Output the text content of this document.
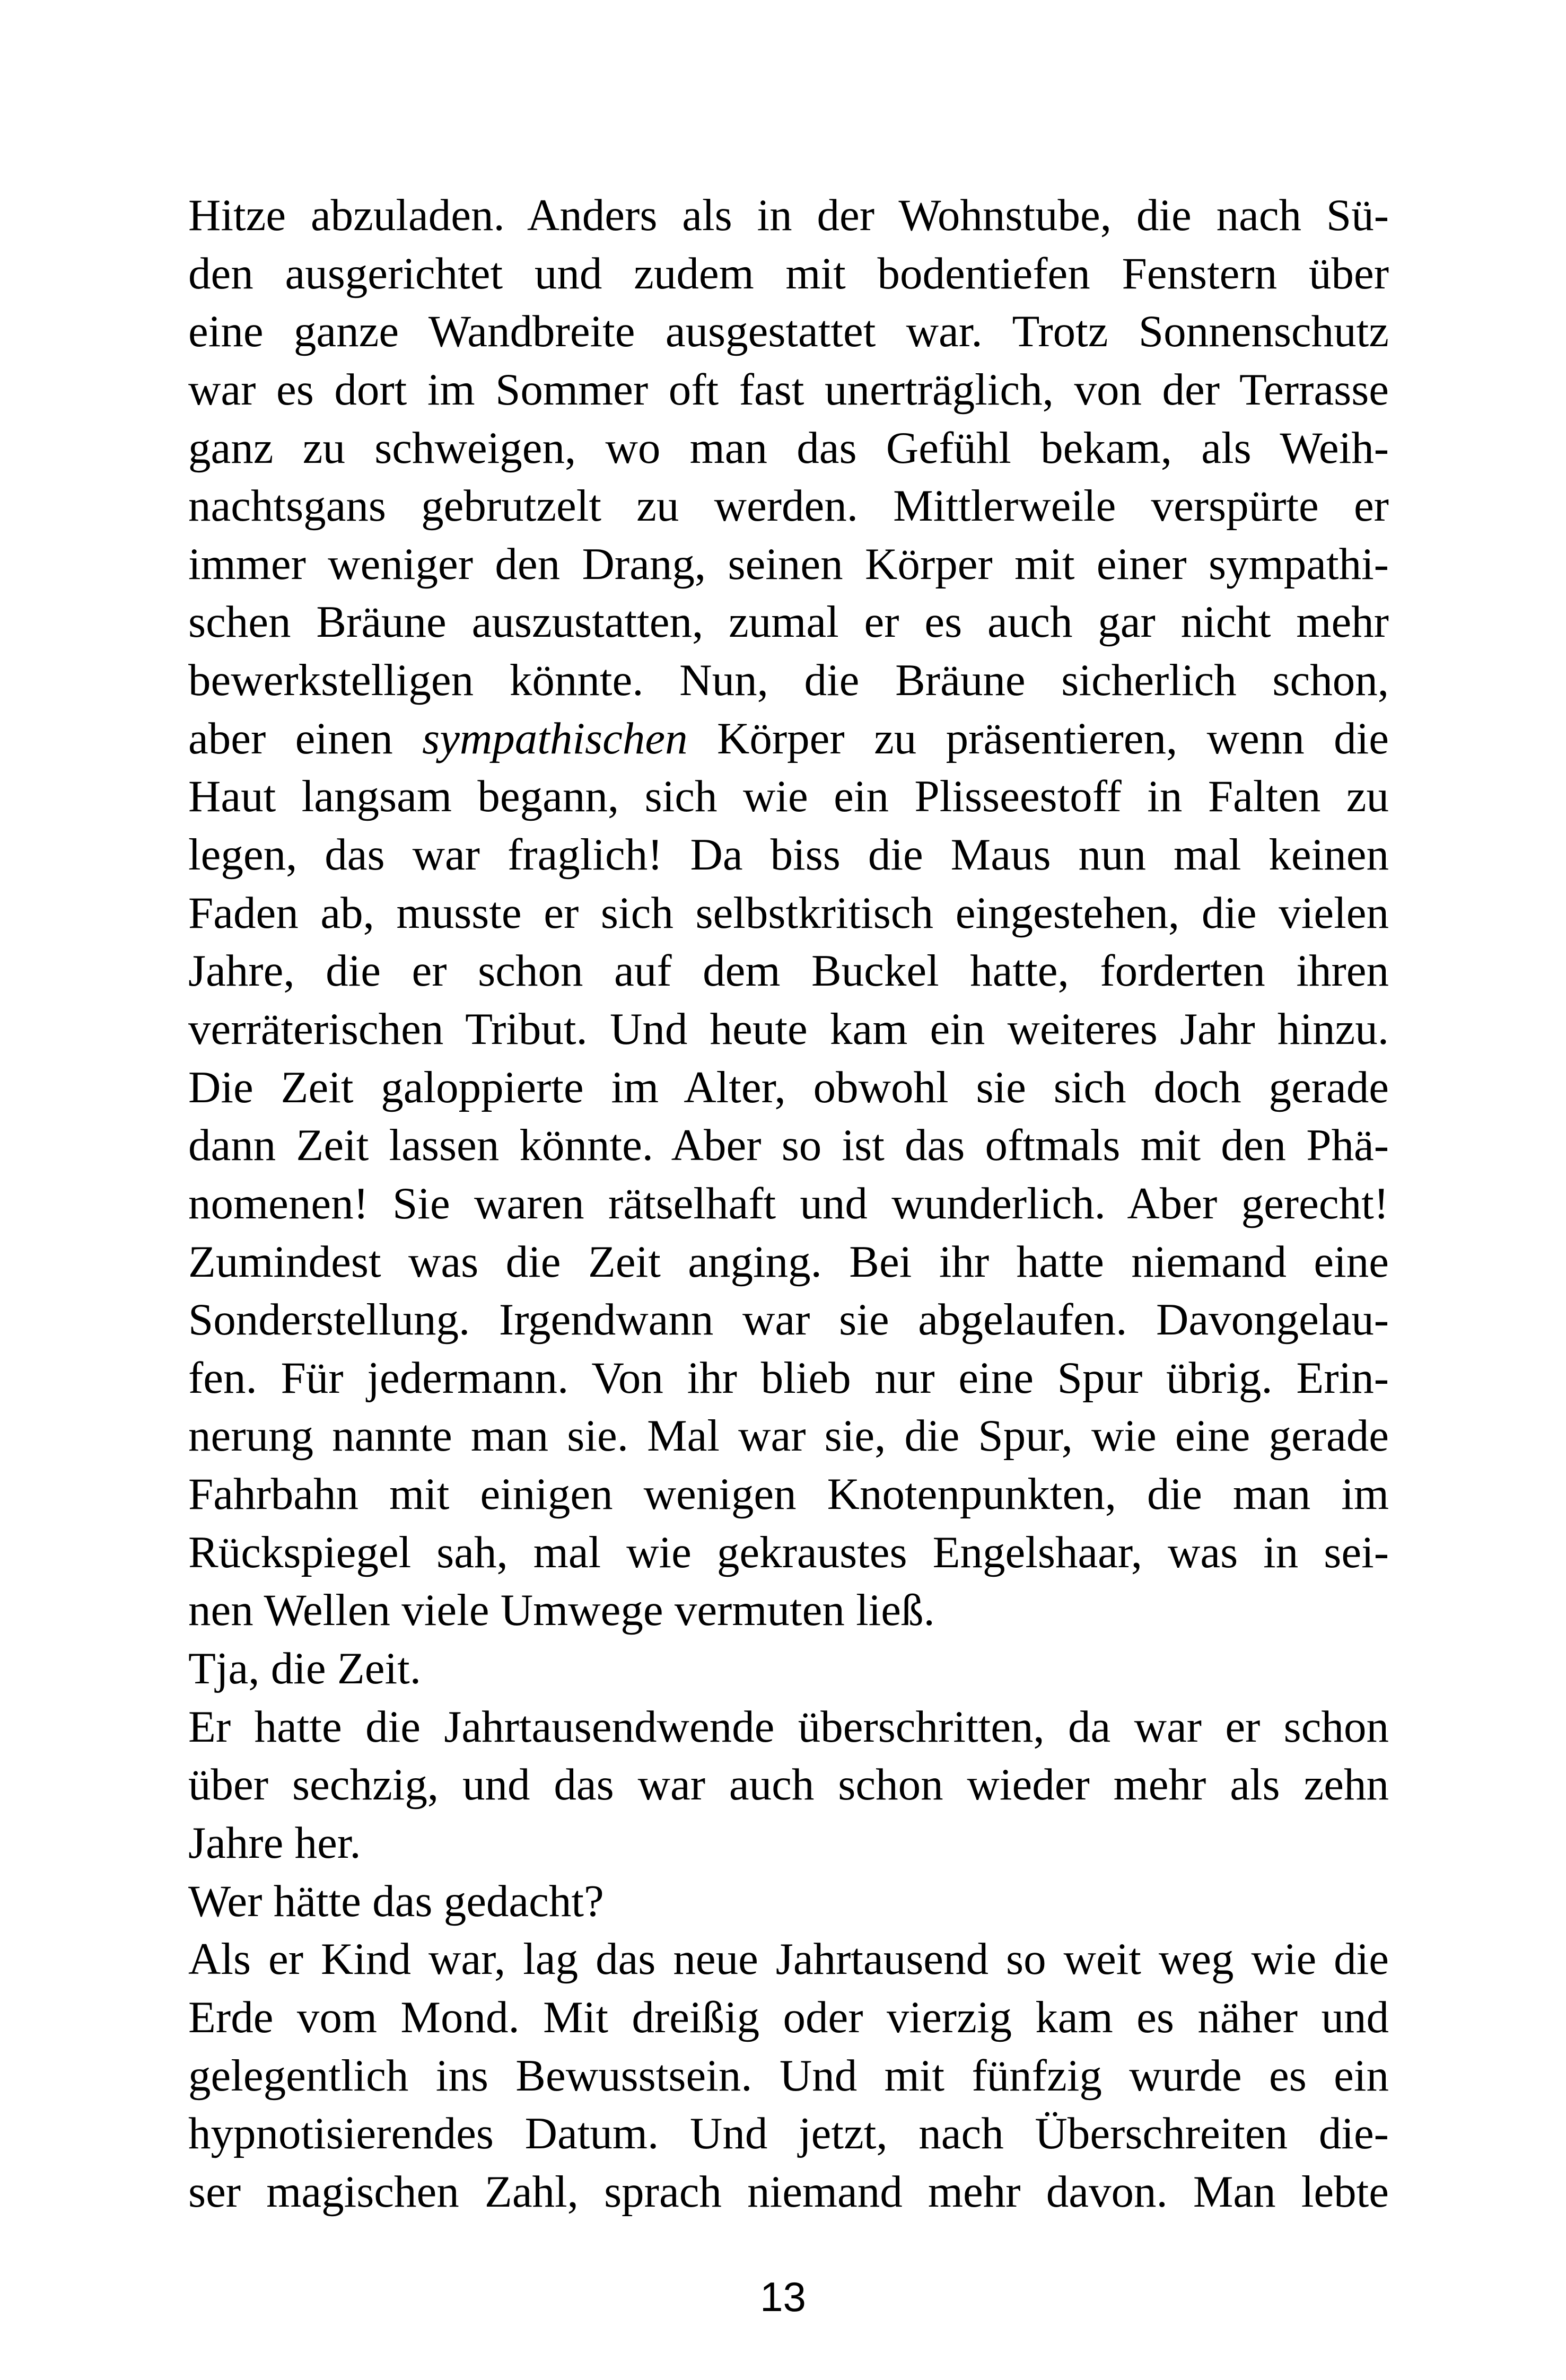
Hitze abzuladen. Anders als in der Wohnstube, die nach Sü-
den ausgerichtet und zudem mit bodentiefen Fenstern über
eine ganze Wandbreite ausgestattet war. Trotz Sonnenschutz
war es dort im Sommer oft fast unerträglich, von der Terrasse
ganz zu schweigen, wo man das Gefühl bekam, als Weih-
nachtsgans gebrutzelt zu werden. Mittlerweile verspürte er
immer weniger den Drang, seinen Körper mit einer sympathi-
schen Bräune auszustatten, zumal er es auch gar nicht mehr
bewerkstelligen könnte. Nun, die Bräune sicherlich schon,
aber einen sympathischen Körper zu präsentieren, wenn die
Haut langsam begann, sich wie ein Plisseestoff in Falten zu
legen, das war fraglich! Da biss die Maus nun mal keinen
Faden ab, musste er sich selbstkritisch eingestehen, die vielen
Jahre, die er schon auf dem Buckel hatte, forderten ihren
verräterischen Tribut. Und heute kam ein weiteres Jahr hinzu.
Die Zeit galoppierte im Alter, obwohl sie sich doch gerade
dann Zeit lassen könnte. Aber so ist das oftmals mit den Phä-
nomenen! Sie waren rätselhaft und wunderlich. Aber gerecht!
Zumindest was die Zeit anging. Bei ihr hatte niemand eine
Sonderstellung. Irgendwann war sie abgelaufen. Davongelau-
fen. Für jedermann. Von ihr blieb nur eine Spur übrig. Erin-
nerung nannte man sie. Mal war sie, die Spur, wie eine gerade
Fahrbahn mit einigen wenigen Knotenpunkten, die man im
Rückspiegel sah, mal wie gekraustes Engelshaar, was in sei-
nen Wellen viele Umwege vermuten ließ.
Tja, die Zeit.
Er hatte die Jahrtausendwende überschritten, da war er schon
über sechzig, und das war auch schon wieder mehr als zehn
Jahre her.
Wer hätte das gedacht?
Als er Kind war, lag das neue Jahrtausend so weit weg wie die
Erde vom Mond. Mit dreißig oder vierzig kam es näher und
gelegentlich ins Bewusstsein. Und mit fünfzig wurde es ein
hypnotisierendes Datum. Und jetzt, nach Überschreiten die-
ser magischen Zahl, sprach niemand mehr davon. Man lebte
13
